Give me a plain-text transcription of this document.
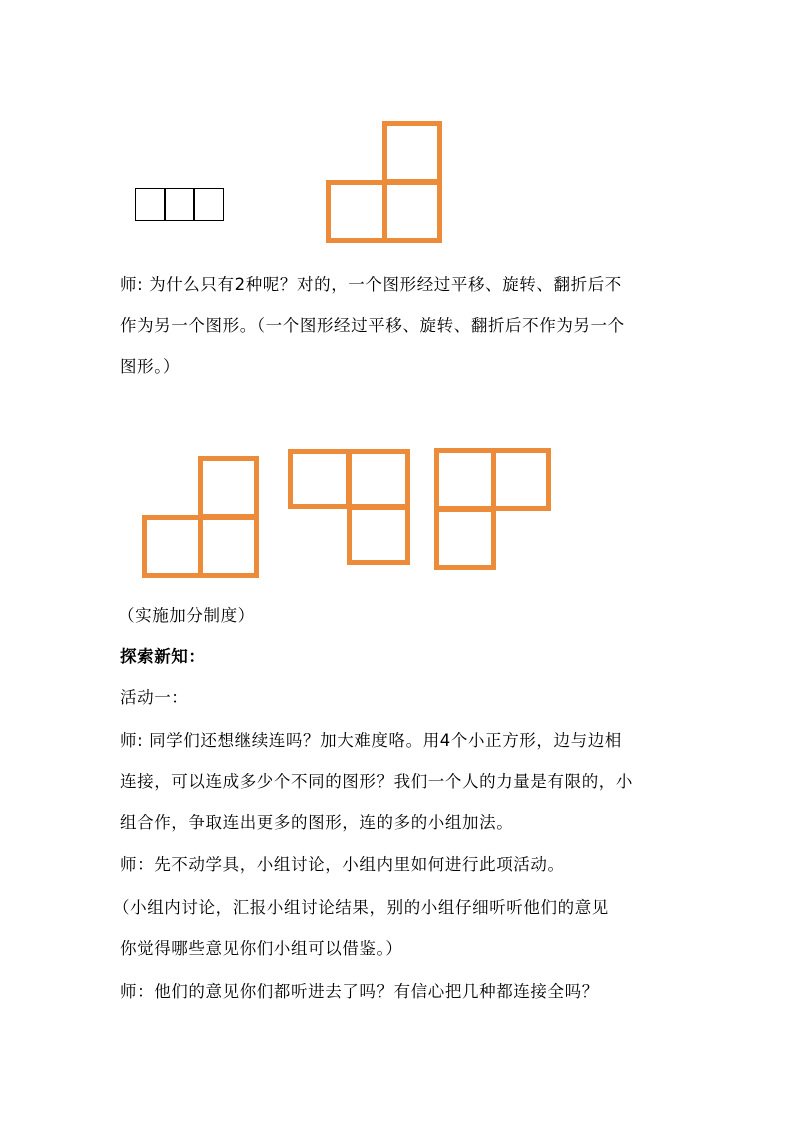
师: 为什么只有2种呢？对的，一个图形经过平移、旋转、翻折后不
作为另一个图形。（一个图形经过平移、旋转、翻折后不作为另一个
图形。）
（实施加分制度）
探索新知：
活动一：
师: 同学们还想继续连吗？加大难度咯。用4个小正方形，边与边相
连接，可以连成多少个不同的图形？我们一个人的力量是有限的，小
组合作，争取连出更多的图形，连的多的小组加法。
师：先不动学具，小组讨论，小组内里如何进行此项活动。
（小组内讨论，汇报小组讨论结果，别的小组仔细听听他们的意见
你觉得哪些意见你们小组可以借鉴。）
师：他们的意见你们都听进去了吗？有信心把几种都连接全吗？
